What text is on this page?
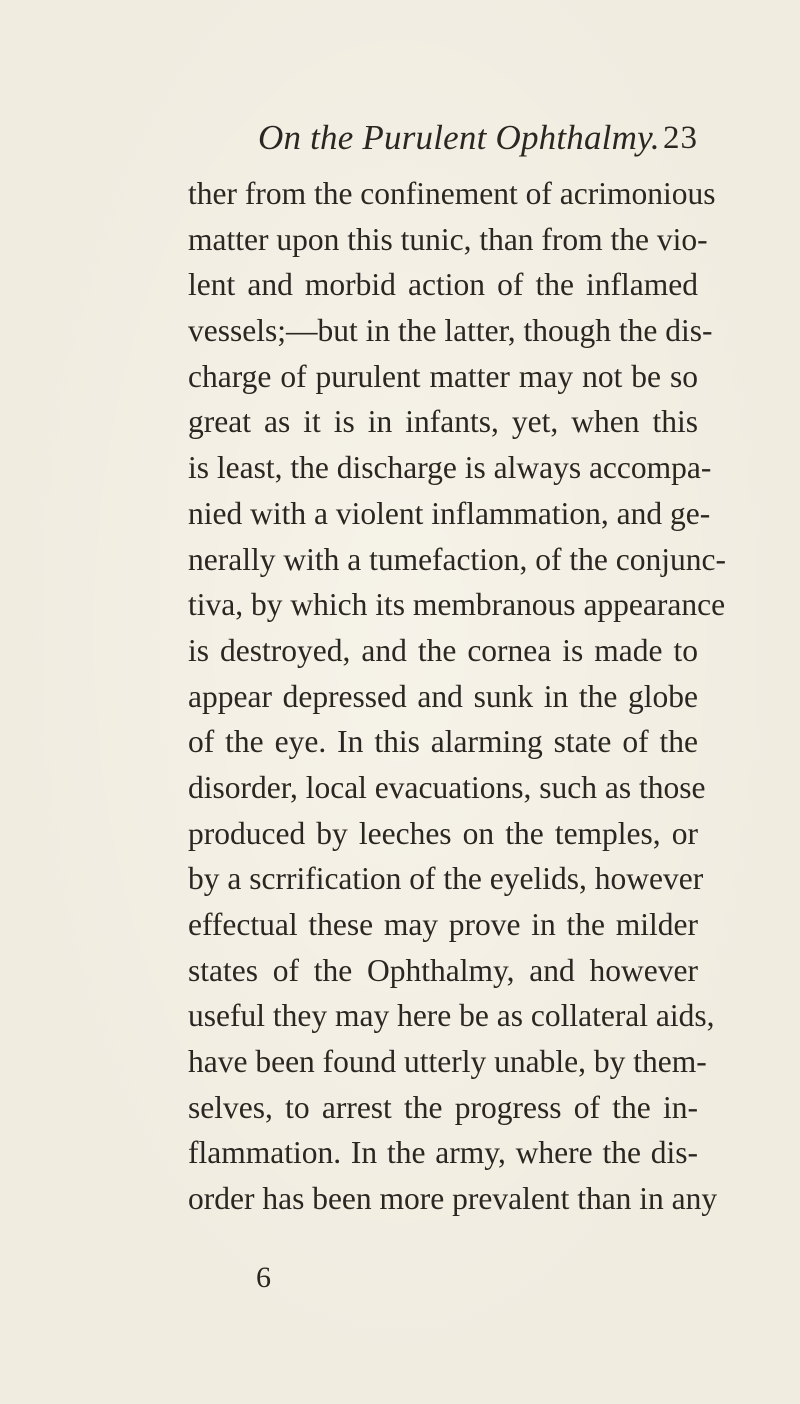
On the Purulent Ophthalmy. 23
ther from the confinement of acrimonious
matter upon this tunic, than from the vio-
lent and morbid action of the inflamed
vessels;—but in the latter, though the dis-
charge of purulent matter may not be so
great as it is in infants, yet, when this
is least, the discharge is always accompa-
nied with a violent inflammation, and ge-
nerally with a tumefaction, of the conjunc-
tiva, by which its membranous appearance
is destroyed, and the cornea is made to
appear depressed and sunk in the globe
of the eye. In this alarming state of the
disorder, local evacuations, such as those
produced by leeches on the temples, or
by a scrrification of the eyelids, however
effectual these may prove in the milder
states of the Ophthalmy, and however
useful they may here be as collateral aids,
have been found utterly unable, by them-
selves, to arrest the progress of the in-
flammation. In the army, where the dis-
order has been more prevalent than in any
6
